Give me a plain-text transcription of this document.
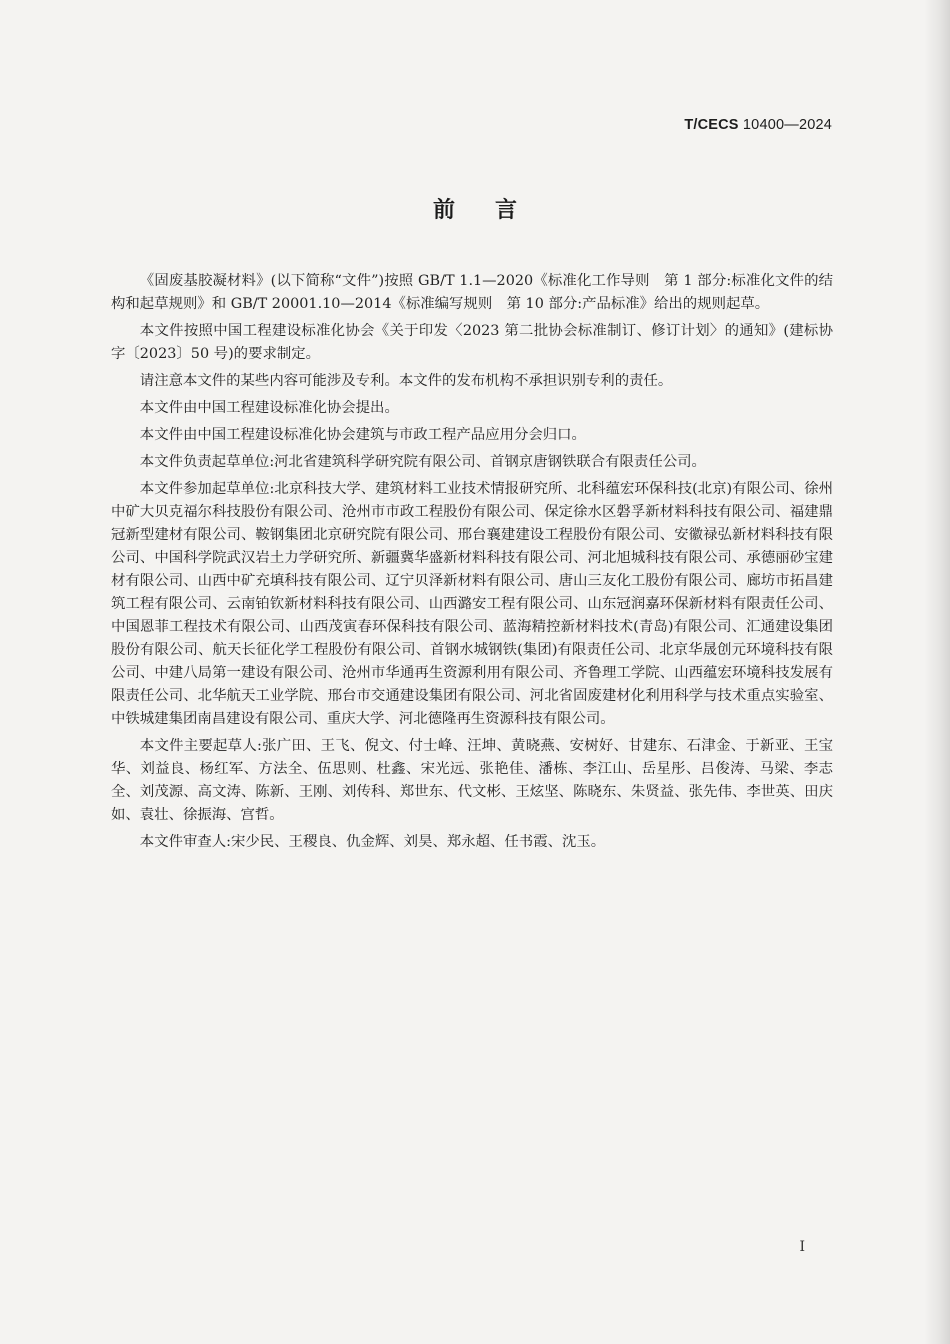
T/CECS 10400—2024
前言

《固废基胶凝材料》(以下简称“文件”)按照 GB/T 1.1—2020《标准化工作导则　第 1 部分:标准化文件的结构和起草规则》和 GB/T 20001.10—2014《标准编写规则　第 10 部分:产品标准》给出的规则起草。

本文件按照中国工程建设标准化协会《关于印发〈2023 第二批协会标准制订、修订计划〉的通知》(建标协字〔2023〕50 号)的要求制定。

请注意本文件的某些内容可能涉及专利。本文件的发布机构不承担识别专利的责任。

本文件由中国工程建设标准化协会提出。

本文件由中国工程建设标准化协会建筑与市政工程产品应用分会归口。

本文件负责起草单位:河北省建筑科学研究院有限公司、首钢京唐钢铁联合有限责任公司。

本文件参加起草单位:北京科技大学、建筑材料工业技术情报研究所、北科蕴宏环保科技(北京)有限公司、徐州中矿大贝克福尔科技股份有限公司、沧州市市政工程股份有限公司、保定徐水区磐孚新材料科技有限公司、福建鼎冠新型建材有限公司、鞍钢集团北京研究院有限公司、邢台襄建建设工程股份有限公司、安徽禄弘新材料科技有限公司、中国科学院武汉岩土力学研究所、新疆冀华盛新材料科技有限公司、河北旭城科技有限公司、承德丽砂宝建材有限公司、山西中矿充填科技有限公司、辽宁贝泽新材料有限公司、唐山三友化工股份有限公司、廊坊市拓昌建筑工程有限公司、云南铂钦新材料科技有限公司、山西潞安工程有限公司、山东冠润嘉环保新材料有限责任公司、中国恩菲工程技术有限公司、山西茂寅春环保科技有限公司、蓝海精控新材料技术(青岛)有限公司、汇通建设集团股份有限公司、航天长征化学工程股份有限公司、首钢水城钢铁(集团)有限责任公司、北京华晟创元环境科技有限公司、中建八局第一建设有限公司、沧州市华通再生资源利用有限公司、齐鲁理工学院、山西蕴宏环境科技发展有限责任公司、北华航天工业学院、邢台市交通建设集团有限公司、河北省固废建材化利用科学与技术重点实验室、中铁城建集团南昌建设有限公司、重庆大学、河北德隆再生资源科技有限公司。

本文件主要起草人:张广田、王飞、倪文、付士峰、汪坤、黄晓燕、安树好、甘建东、石津金、于新亚、王宝华、刘益良、杨红军、方法全、伍思则、杜鑫、宋光远、张艳佳、潘栋、李江山、岳星彤、吕俊涛、马梁、李志全、刘茂源、高文涛、陈新、王刚、刘传科、郑世东、代文彬、王炫坚、陈晓东、朱贤益、张先伟、李世英、田庆如、袁壮、徐振海、宫哲。

本文件审查人:宋少民、王稷良、仇金辉、刘昊、郑永超、任书霞、沈玉。

I
